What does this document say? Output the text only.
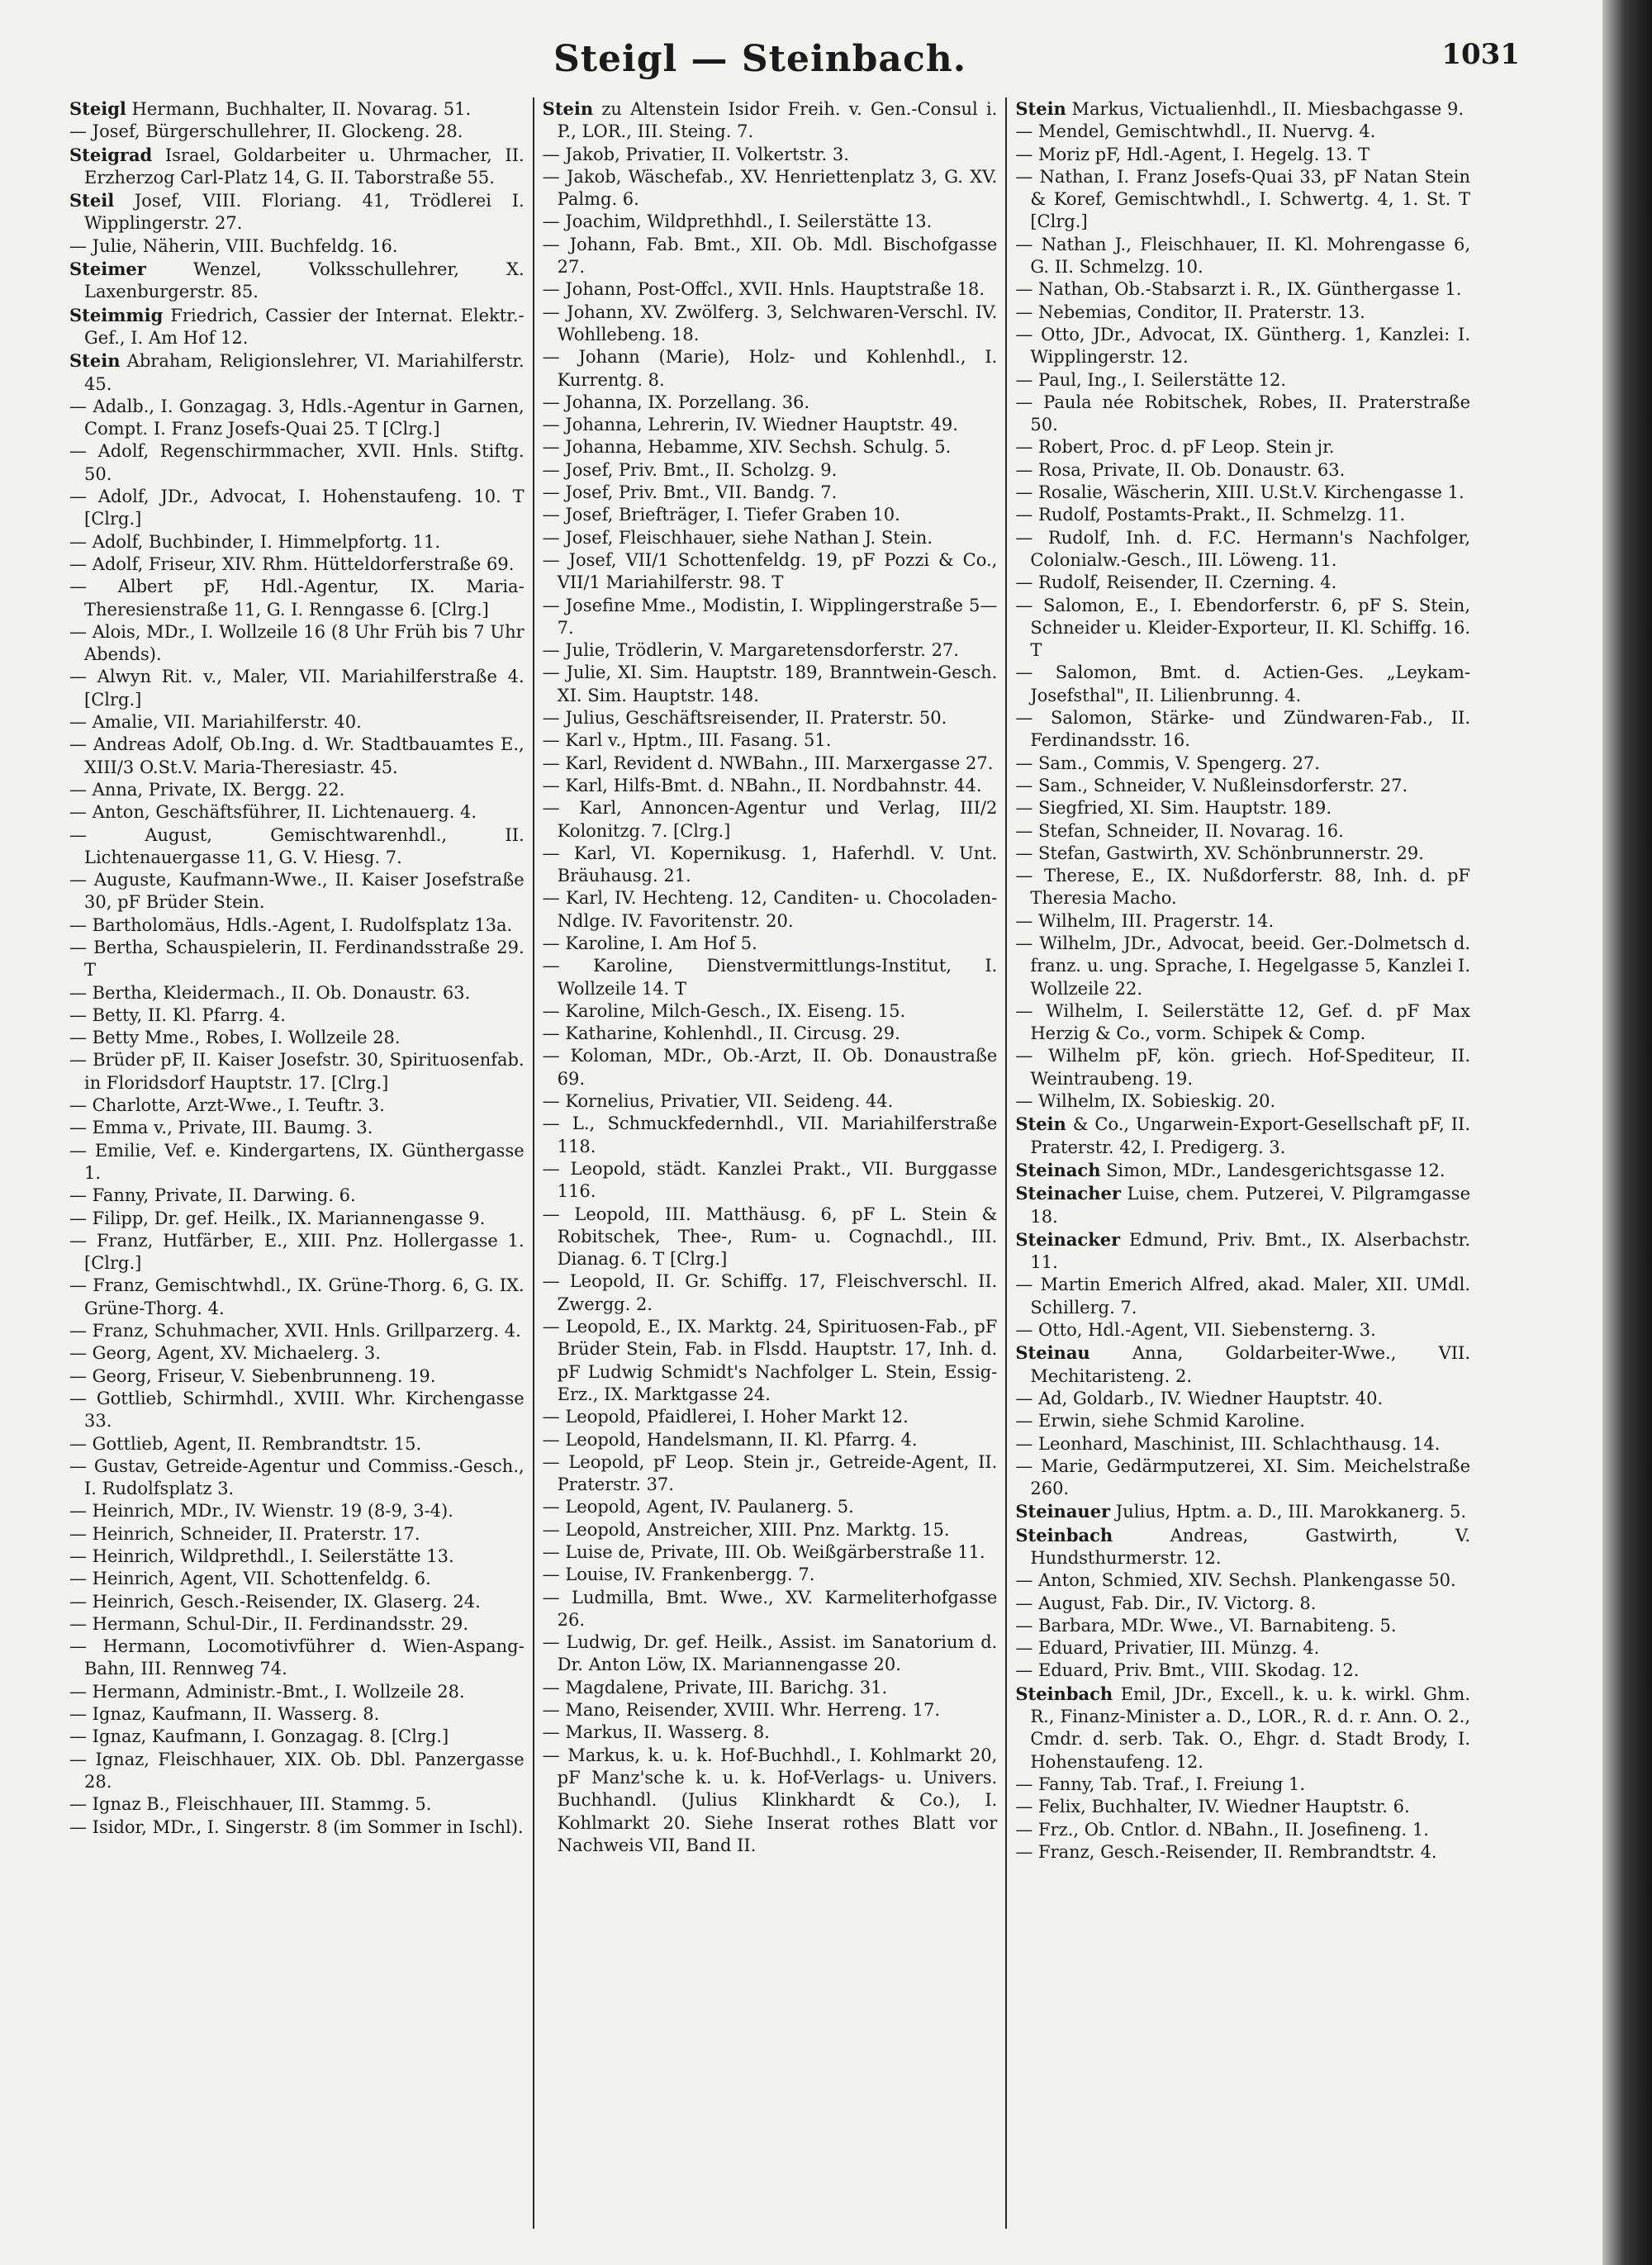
Steigl — Steinbach.	1031
Steigl Hermann, Buchhalter, II. Novarag. 51.
— Josef, Bürgerschullehrer, II. Glockeng. 28.
Steigrad Israel, Goldarbeiter u. Uhrmacher, II. Erzherzog Carl-Platz 14, G. II. Taborstraße 55.
Steil Josef, VIII. Floriang. 41, Trödlerei I. Wipplingerstr. 27.
— Julie, Näherin, VIII. Buchfeldg. 16.
Steimer Wenzel, Volksschullehrer, X. Laxenburgerstr. 85.
Steimmig Friedrich, Cassier der Internat. Elektr.-Gef., I. Am Hof 12.
Stein Abraham, Religionslehrer, VI. Mariahilferstr. 45.
— Adalb., I. Gonzagag. 3, Hdls.-Agentur in Garnen, Compt. I. Franz Josefs-Quai 25. T [Clrg.]
— Adolf, Regenschirmmacher, XVII. Hnls. Stiftg. 50.
— Adolf, JDr., Advocat, I. Hohenstaufeng. 10. T [Clrg.]
— Adolf, Buchbinder, I. Himmelpfortg. 11.
— Adolf, Friseur, XIV. Rhm. Hütteldorferstraße 69.
— Albert pF, Hdl.-Agentur, IX. Maria-Theresienstraße 11, G. I. Renngasse 6. [Clrg.]
— Alois, MDr., I. Wollzeile 16 (8 Uhr Früh bis 7 Uhr Abends).
— Alwyn Rit. v., Maler, VII. Mariahilferstraße 4. [Clrg.]
— Amalie, VII. Mariahilferstr. 40.
— Andreas Adolf, Ob.Ing. d. Wr. Stadtbauamtes E., XIII/3 O.St.V. Maria-Theresiastr. 45.
— Anna, Private, IX. Bergg. 22.
— Anton, Geschäftsführer, II. Lichtenauerg. 4.
— August, Gemischtwarenhdl., II. Lichtenauergasse 11, G. V. Hiesg. 7.
— Auguste, Kaufmann-Wwe., II. Kaiser Josefstraße 30, pF Brüder Stein.
— Bartholomäus, Hdls.-Agent, I. Rudolfsplatz 13a.
— Bertha, Schauspielerin, II. Ferdinandsstraße 29. T
— Bertha, Kleidermach., II. Ob. Donaustr. 63.
— Betty, II. Kl. Pfarrg. 4.
— Betty Mme., Robes, I. Wollzeile 28.
— Brüder pF, II. Kaiser Josefstr. 30, Spirituosenfab. in Floridsdorf Hauptstr. 17. [Clrg.]
— Charlotte, Arzt-Wwe., I. Teuftr. 3.
— Emma v., Private, III. Baumg. 3.
— Emilie, Vef. e. Kindergartens, IX. Günthergasse 1.
— Fanny, Private, II. Darwing. 6.
— Filipp, Dr. gef. Heilk., IX. Mariannengasse 9.
— Franz, Hutfärber, E., XIII. Pnz. Hollergasse 1. [Clrg.]
— Franz, Gemischtwhdl., IX. Grüne-Thorg. 6, G. IX. Grüne-Thorg. 4.
— Franz, Schuhmacher, XVII. Hnls. Grillparzerg. 4.
— Georg, Agent, XV. Michaelerg. 3.
— Georg, Friseur, V. Siebenbrunneng. 19.
— Gottlieb, Schirmhdl., XVIII. Whr. Kirchengasse 33.
— Gottlieb, Agent, II. Rembrandtstr. 15.
— Gustav, Getreide-Agentur und Commiss.-Gesch., I. Rudolfsplatz 3.
— Heinrich, MDr., IV. Wienstr. 19 (8-9, 3-4).
— Heinrich, Schneider, II. Praterstr. 17.
— Heinrich, Wildprethdl., I. Seilerstätte 13.
— Heinrich, Agent, VII. Schottenfeldg. 6.
— Heinrich, Gesch.-Reisender, IX. Glaserg. 24.
— Hermann, Schul-Dir., II. Ferdinandsstr. 29.
— Hermann, Locomotivführer d. Wien-Aspang-Bahn, III. Rennweg 74.
— Hermann, Administr.-Bmt., I. Wollzeile 28.
— Ignaz, Kaufmann, II. Wasserg. 8.
— Ignaz, Kaufmann, I. Gonzagag. 8. [Clrg.]
— Ignaz, Fleischhauer, XIX. Ob. Dbl. Panzergasse 28.
— Ignaz B., Fleischhauer, III. Stammg. 5.
— Isidor, MDr., I. Singerstr. 8 (im Sommer in Ischl).
Stein zu Altenstein Isidor Freih. v. Gen.-Consul i. P., LOR., III. Steing. 7.
— Jakob, Privatier, II. Volkertstr. 3.
— Jakob, Wäschefab., XV. Henriettenplatz 3, G. XV. Palmg. 6.
— Joachim, Wildprethhdl., I. Seilerstätte 13.
— Johann, Fab. Bmt., XII. Ob. Mdl. Bischofgasse 27.
— Johann, Post-Offcl., XVII. Hnls. Hauptstraße 18.
— Johann, XV. Zwölferg. 3, Selchwaren-Verschl. IV. Wohllebeng. 18.
— Johann (Marie), Holz- und Kohlenhdl., I. Kurrentg. 8.
— Johanna, IX. Porzellang. 36.
— Johanna, Lehrerin, IV. Wiedner Hauptstr. 49.
— Johanna, Hebamme, XIV. Sechsh. Schulg. 5.
— Josef, Priv. Bmt., II. Scholzg. 9.
— Josef, Priv. Bmt., VII. Bandg. 7.
— Josef, Briefträger, I. Tiefer Graben 10.
— Josef, Fleischhauer, siehe Nathan J. Stein.
— Josef, VII/1 Schottenfeldg. 19, pF Pozzi & Co., VII/1 Mariahilferstr. 98. T
— Josefine Mme., Modistin, I. Wipplingerstraße 5—7.
— Julie, Trödlerin, V. Margaretensdorferstr. 27.
— Julie, XI. Sim. Hauptstr. 189, Branntwein-Gesch. XI. Sim. Hauptstr. 148.
— Julius, Geschäftsreisender, II. Praterstr. 50.
— Karl v., Hptm., III. Fasang. 51.
— Karl, Revident d. NWBahn., III. Marxergasse 27.
— Karl, Hilfs-Bmt. d. NBahn., II. Nordbahnstr. 44.
— Karl, Annoncen-Agentur und Verlag, III/2 Kolonitzg. 7. [Clrg.]
— Karl, VI. Kopernikusg. 1, Haferhdl. V. Unt. Bräuhausg. 21.
— Karl, IV. Hechteng. 12, Canditen- u. Chocoladen-Ndlge. IV. Favoritenstr. 20.
— Karoline, I. Am Hof 5.
— Karoline, Dienstvermittlungs-Institut, I. Wollzeile 14. T
— Karoline, Milch-Gesch., IX. Eiseng. 15.
— Katharine, Kohlenhdl., II. Circusg. 29.
— Koloman, MDr., Ob.-Arzt, II. Ob. Donaustraße 69.
— Kornelius, Privatier, VII. Seideng. 44.
— L., Schmuckfedernhdl., VII. Mariahilferstraße 118.
— Leopold, städt. Kanzlei Prakt., VII. Burggasse 116.
— Leopold, III. Matthäusg. 6, pF L. Stein & Robitschek, Thee-, Rum- u. Cognachdl., III. Dianag. 6. T [Clrg.]
— Leopold, II. Gr. Schiffg. 17, Fleischverschl. II. Zwergg. 2.
— Leopold, E., IX. Marktg. 24, Spirituosen-Fab., pF Brüder Stein, Fab. in Flsdd. Hauptstr. 17, Inh. d. pF Ludwig Schmidt's Nachfolger L. Stein, Essig-Erz., IX. Marktgasse 24.
— Leopold, Pfaidlerei, I. Hoher Markt 12.
— Leopold, Handelsmann, II. Kl. Pfarrg. 4.
— Leopold, pF Leop. Stein jr., Getreide-Agent, II. Praterstr. 37.
— Leopold, Agent, IV. Paulanerg. 5.
— Leopold, Anstreicher, XIII. Pnz. Marktg. 15.
— Luise de, Private, III. Ob. Weißgärberstraße 11.
— Louise, IV. Frankenbergg. 7.
— Ludmilla, Bmt. Wwe., XV. Karmeliterhofgasse 26.
— Ludwig, Dr. gef. Heilk., Assist. im Sanatorium d. Dr. Anton Löw, IX. Mariannengasse 20.
— Magdalene, Private, III. Barichg. 31.
— Mano, Reisender, XVIII. Whr. Herreng. 17.
— Markus, II. Wasserg. 8.
— Markus, k. u. k. Hof-Buchhdl., I. Kohlmarkt 20, pF Manz'sche k. u. k. Hof-Verlags- u. Univers. Buchhandl. (Julius Klinkhardt & Co.), I. Kohlmarkt 20. Siehe Inserat rothes Blatt vor Nachweis VII, Band II.
Stein Markus, Victualienhdl., II. Miesbachgasse 9.
— Mendel, Gemischtwhdl., II. Nuervg. 4.
— Moriz pF, Hdl.-Agent, I. Hegelg. 13. T
— Nathan, I. Franz Josefs-Quai 33, pF Natan Stein & Koref, Gemischtwhdl., I. Schwertg. 4, 1. St. T [Clrg.]
— Nathan J., Fleischhauer, II. Kl. Mohrengasse 6, G. II. Schmelzg. 10.
— Nathan, Ob.-Stabsarzt i. R., IX. Günthergasse 1.
— Nebemias, Conditor, II. Praterstr. 13.
— Otto, JDr., Advocat, IX. Güntherg. 1, Kanzlei: I. Wipplingerstr. 12.
— Paul, Ing., I. Seilerstätte 12.
— Paula née Robitschek, Robes, II. Praterstraße 50.
— Robert, Proc. d. pF Leop. Stein jr.
— Rosa, Private, II. Ob. Donaustr. 63.
— Rosalie, Wäscherin, XIII. U.St.V. Kirchengasse 1.
— Rudolf, Postamts-Prakt., II. Schmelzg. 11.
— Rudolf, Inh. d. F.C. Hermann's Nachfolger, Colonialw.-Gesch., III. Löweng. 11.
— Rudolf, Reisender, II. Czerning. 4.
— Salomon, E., I. Ebendorferstr. 6, pF S. Stein, Schneider u. Kleider-Exporteur, II. Kl. Schiffg. 16. T
— Salomon, Bmt. d. Actien-Ges. „Leykam-Josefsthal", II. Lilienbrunng. 4.
— Salomon, Stärke- und Zündwaren-Fab., II. Ferdinandsstr. 16.
— Sam., Commis, V. Spengerg. 27.
— Sam., Schneider, V. Nußleinsdorferstr. 27.
— Siegfried, XI. Sim. Hauptstr. 189.
— Stefan, Schneider, II. Novarag. 16.
— Stefan, Gastwirth, XV. Schönbrunnerstr. 29.
— Therese, E., IX. Nußdorferstr. 88, Inh. d. pF Theresia Macho.
— Wilhelm, III. Pragerstr. 14.
— Wilhelm, JDr., Advocat, beeid. Ger.-Dolmetsch d. franz. u. ung. Sprache, I. Hegelgasse 5, Kanzlei I. Wollzeile 22.
— Wilhelm, I. Seilerstätte 12, Gef. d. pF Max Herzig & Co., vorm. Schipek & Comp.
— Wilhelm pF, kön. griech. Hof-Spediteur, II. Weintraubeng. 19.
— Wilhelm, IX. Sobieskig. 20.
Stein & Co., Ungarwein-Export-Gesellschaft pF, II. Praterstr. 42, I. Predigerg. 3.
Steinach Simon, MDr., Landesgerichtsgasse 12.
Steinacher Luise, chem. Putzerei, V. Pilgramgasse 18.
Steinacker Edmund, Priv. Bmt., IX. Alserbachstr. 11.
— Martin Emerich Alfred, akad. Maler, XII. UMdl. Schillerg. 7.
— Otto, Hdl.-Agent, VII. Siebensterng. 3.
Steinau Anna, Goldarbeiter-Wwe., VII. Mechitaristeng. 2.
— Ad, Goldarb., IV. Wiedner Hauptstr. 40.
— Erwin, siehe Schmid Karoline.
— Leonhard, Maschinist, III. Schlachthausg. 14.
— Marie, Gedärmputzerei, XI. Sim. Meichelstraße 260.
Steinauer Julius, Hptm. a. D., III. Marokkanerg. 5.
Steinbach Andreas, Gastwirth, V. Hundsthurmerstr. 12.
— Anton, Schmied, XIV. Sechsh. Plankengasse 50.
— August, Fab. Dir., IV. Victorg. 8.
— Barbara, MDr. Wwe., VI. Barnabiteng. 5.
— Eduard, Privatier, III. Münzg. 4.
— Eduard, Priv. Bmt., VIII. Skodag. 12.
Steinbach Emil, JDr., Excell., k. u. k. wirkl. Ghm. R., Finanz-Minister a. D., LOR., R. d. r. Ann. O. 2., Cmdr. d. serb. Tak. O., Ehgr. d. Stadt Brody, I. Hohenstaufeng. 12.
— Fanny, Tab. Traf., I. Freiung 1.
— Felix, Buchhalter, IV. Wiedner Hauptstr. 6.
— Frz., Ob. Cntlor. d. NBahn., II. Josefineng. 1.
— Franz, Gesch.-Reisender, II. Rembrandtstr. 4.
